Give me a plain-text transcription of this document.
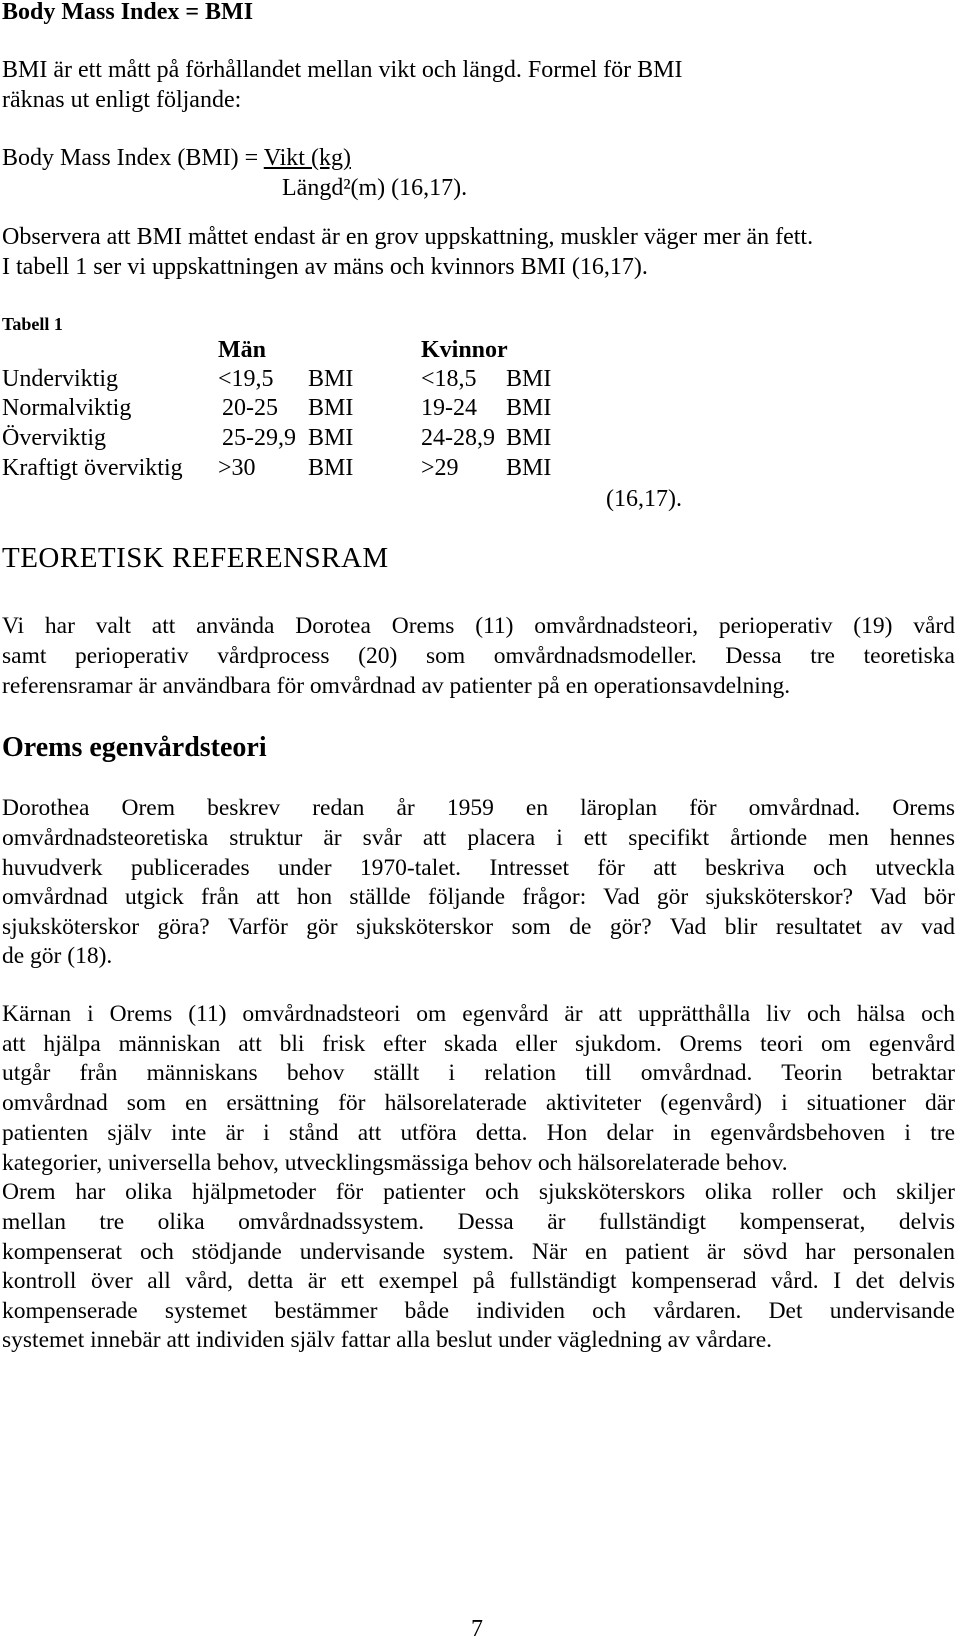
Body Mass Index = BMI
BMI är ett mått på förhållandet mellan vikt och längd. Formel för BMI
räknas ut enligt följande:
Body Mass Index (BMI) = Vikt (kg)
Längd²(m) (16,17).
Observera att BMI måttet endast är en grov uppskattning, muskler väger mer än fett.
I tabell 1 ser vi uppskattningen av mäns och kvinnors BMI (16,17).
Tabell 1
Män	Kvinnor
Underviktig	<19,5 BMI	<18,5 BMI
Normalviktig	20-25 BMI	19-24 BMI
Överviktig	25-29,9 BMI	24-28,9 BMI
Kraftigt överviktig >30 BMI	>29 BMI
(16,17).
TEORETISK REFERENSRAM
Vi har valt att använda Dorotea Orems (11) omvårdnadsteori, perioperativ (19) vård
samt perioperativ vårdprocess (20) som omvårdnadsmodeller. Dessa tre teoretiska
referensramar är användbara för omvårdnad av patienter på en operationsavdelning.
Orems egenvårdsteori
Dorothea Orem beskrev redan år 1959 en läroplan för omvårdnad. Orems
omvårdnadsteoretiska struktur är svår att placera i ett specifikt årtionde men hennes
huvudverk publicerades under 1970-talet. Intresset för att beskriva och utveckla
omvårdnad utgick från att hon ställde följande frågor: Vad gör sjuksköterskor? Vad bör
sjuksköterskor göra? Varför gör sjuksköterskor som de gör? Vad blir resultatet av vad
de gör (18).
Kärnan i Orems (11) omvårdnadsteori om egenvård är att upprätthålla liv och hälsa och
att hjälpa människan att bli frisk efter skada eller sjukdom. Orems teori om egenvård
utgår från människans behov ställt i relation till omvårdnad. Teorin betraktar
omvårdnad som en ersättning för hälsorelaterade aktiviteter (egenvård) i situationer där
patienten själv inte är i stånd att utföra detta. Hon delar in egenvårdsbehoven i tre
kategorier, universella behov, utvecklingsmässiga behov och hälsorelaterade behov.
Orem har olika hjälpmetoder för patienter och sjuksköterskors olika roller och skiljer
mellan tre olika omvårdnadssystem. Dessa är fullständigt kompenserat, delvis
kompenserat och stödjande undervisande system. När en patient är sövd har personalen
kontroll över all vård, detta är ett exempel på fullständigt kompenserad vård. I det delvis
kompenserade systemet bestämmer både individen och vårdaren. Det undervisande
systemet innebär att individen själv fattar alla beslut under vägledning av vårdare.
7
